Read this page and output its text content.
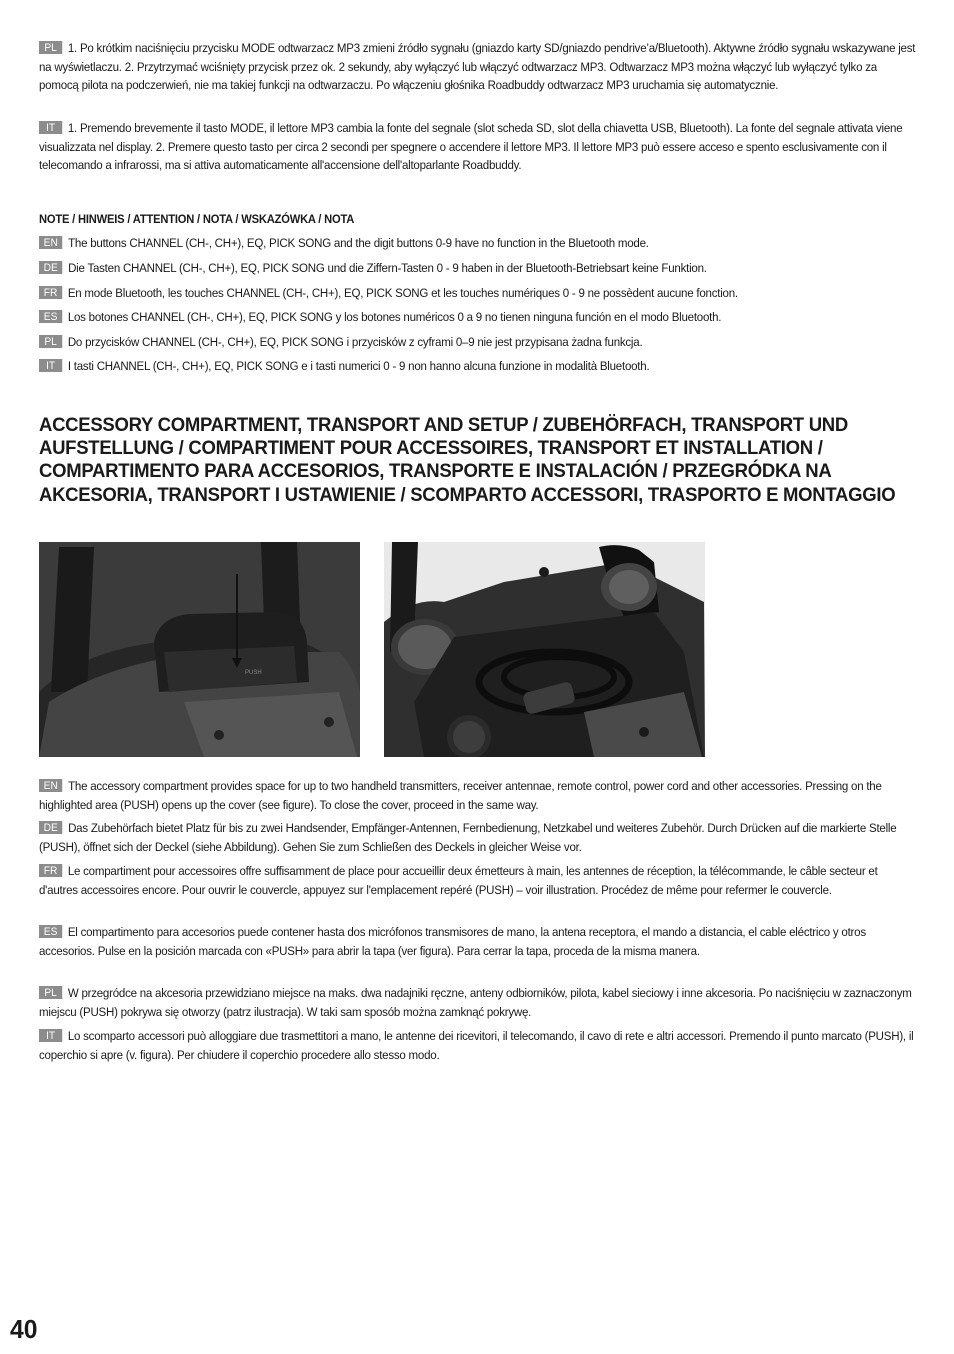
PL 1. Po krótkim naciśnięciu przycisku MODE odtwarzacz MP3 zmieni źródło sygnału (gniazdo karty SD/gniazdo pendrive’a/Bluetooth). Aktywne źródło sygnału wskazywane jest na wyświetlaczu. 2. Przytrzymać wciśnięty przycisk przez ok. 2 sekundy, aby wyłączyć lub włączyć odtwarzacz MP3. Odtwarzacz MP3 można włączyć lub wyłączyć tylko za pomocą pilota na podczerwień, nie ma takiej funkcji na odtwarzaczu. Po włączeniu głośnika Roadbuddy odtwarzacz MP3 uruchamia się automatycznie.
IT 1. Premendo brevemente il tasto MODE, il lettore MP3 cambia la fonte del segnale (slot scheda SD, slot della chiavetta USB, Bluetooth). La fonte del segnale attivata viene visualizzata nel display. 2. Premere questo tasto per circa 2 secondi per spegnere o accendere il lettore MP3. Il lettore MP3 può essere acceso e spento esclusivamente con il telecomando a infrarossi, ma si attiva automaticamente all'accensione dell'altoparlante Roadbuddy.
NOTE / HINWEIS / ATTENTION / NOTA / WSKAZÓWKA / NOTA
EN The buttons CHANNEL (CH-, CH+), EQ, PICK SONG and the digit buttons 0-9 have no function in the Bluetooth mode.
DE Die Tasten CHANNEL (CH-, CH+), EQ, PICK SONG und die Ziffern-Tasten 0 - 9 haben in der Bluetooth-Betriebsart keine Funktion.
FR En mode Bluetooth, les touches CHANNEL (CH-, CH+), EQ, PICK SONG et les touches numériques 0 - 9 ne possèdent aucune fonction.
ES Los botones CHANNEL (CH-, CH+), EQ, PICK SONG y los botones numéricos 0 a 9 no tienen ninguna función en el modo Bluetooth.
PL Do przycisków CHANNEL (CH-, CH+), EQ, PICK SONG i przycisków z cyframi 0–9 nie jest przypisana żadna funkcja.
IT I tasti CHANNEL (CH-, CH+), EQ, PICK SONG e i tasti numerici 0 - 9 non hanno alcuna funzione in modalità Bluetooth.
ACCESSORY COMPARTMENT, TRANSPORT AND SETUP / ZUBEHÖRFACH, TRANSPORT UND AUFSTELLUNG / COMPARTIMENT POUR ACCESSOIRES, TRANSPORT ET INSTALLATION / COMPARTIMENTO PARA ACCESORIOS, TRANSPORTE E INSTALACIÓN / PRZEGRÓDKA NA AKCESORIA, TRANSPORT I USTAWIENIE / SCOMPARTO ACCESSORI, TRASPORTO E MONTAGGIO
PUSH
EN The accessory compartment provides space for up to two handheld transmitters, receiver antennae, remote control, power cord and other accessories. Pressing on the highlighted area (PUSH) opens up the cover (see figure). To close the cover, proceed in the same way.
DE Das Zubehörfach bietet Platz für bis zu zwei Handsender, Empfänger-Antennen, Fernbedienung, Netzkabel und weiteres Zubehör. Durch Drücken auf die markierte Stelle (PUSH), öffnet sich der Deckel (siehe Abbildung). Gehen Sie zum Schließen des Deckels in gleicher Weise vor.
FR Le compartiment pour accessoires offre suffisamment de place pour accueillir deux émetteurs à main, les antennes de réception, la télécommande, le câble secteur et d'autres accessoires encore. Pour ouvrir le couvercle, appuyez sur l'emplacement repéré (PUSH) – voir illustration. Procédez de même pour refermer le couvercle.
ES El compartimento para accesorios puede contener hasta dos micrófonos transmisores de mano, la antena receptora, el mando a distancia, el cable eléctrico y otros accesorios. Pulse en la posición marcada con «PUSH» para abrir la tapa (ver figura). Para cerrar la tapa, proceda de la misma manera.
PL W przegródce na akcesoria przewidziano miejsce na maks. dwa nadajniki ręczne, anteny odbiorników, pilota, kabel sieciowy i inne akcesoria. Po naciśnięciu w zaznaczonym miejscu (PUSH) pokrywa się otworzy (patrz ilustracja). W taki sam sposób można zamknąć pokrywę.
IT Lo scomparto accessori può alloggiare due trasmettitori a mano, le antenne dei ricevitori, il telecomando, il cavo di rete e altri accessori. Premendo il punto marcato (PUSH), il coperchio si apre (v. figura). Per chiudere il coperchio procedere allo stesso modo.
40
